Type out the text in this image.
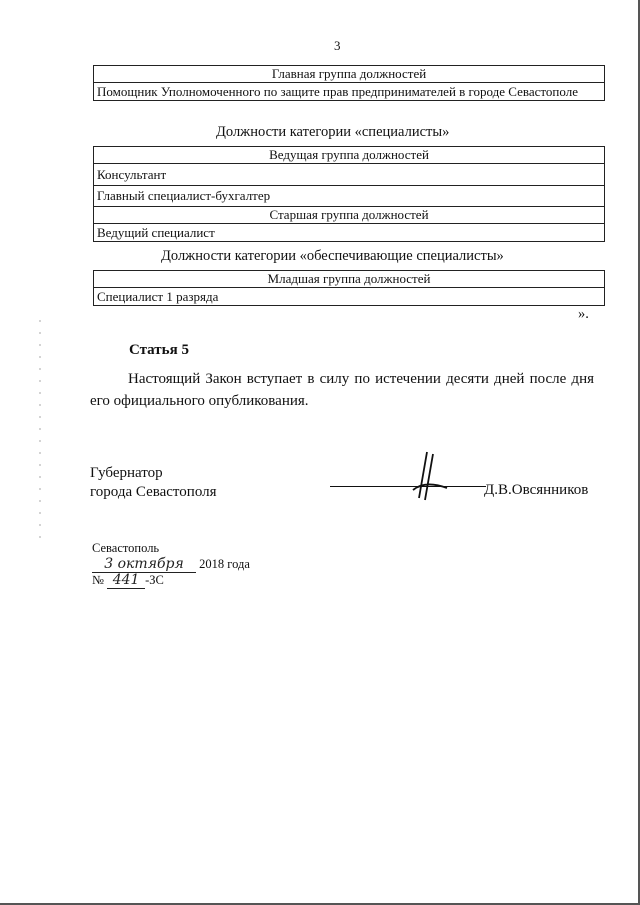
3
Главная группа должностей
Помощник Уполномоченного по защите прав предпринимателей в городе Севастополе
Должности категории «специалисты»
Ведущая группа должностей
Консультант
Главный специалист-бухгалтер
Старшая группа должностей
Ведущий специалист
Должности категории «обеспечивающие специалисты»
Младшая группа должностей
Специалист 1 разряда
».
Статья 5
Настоящий Закон вступает в силу по истечении десяти дней после дня его официального опубликования.
Губернатор
города Севастополя	Д.В.Овсянников
Севастополь
3 октября 2018 года
№ 441 -ЗС
